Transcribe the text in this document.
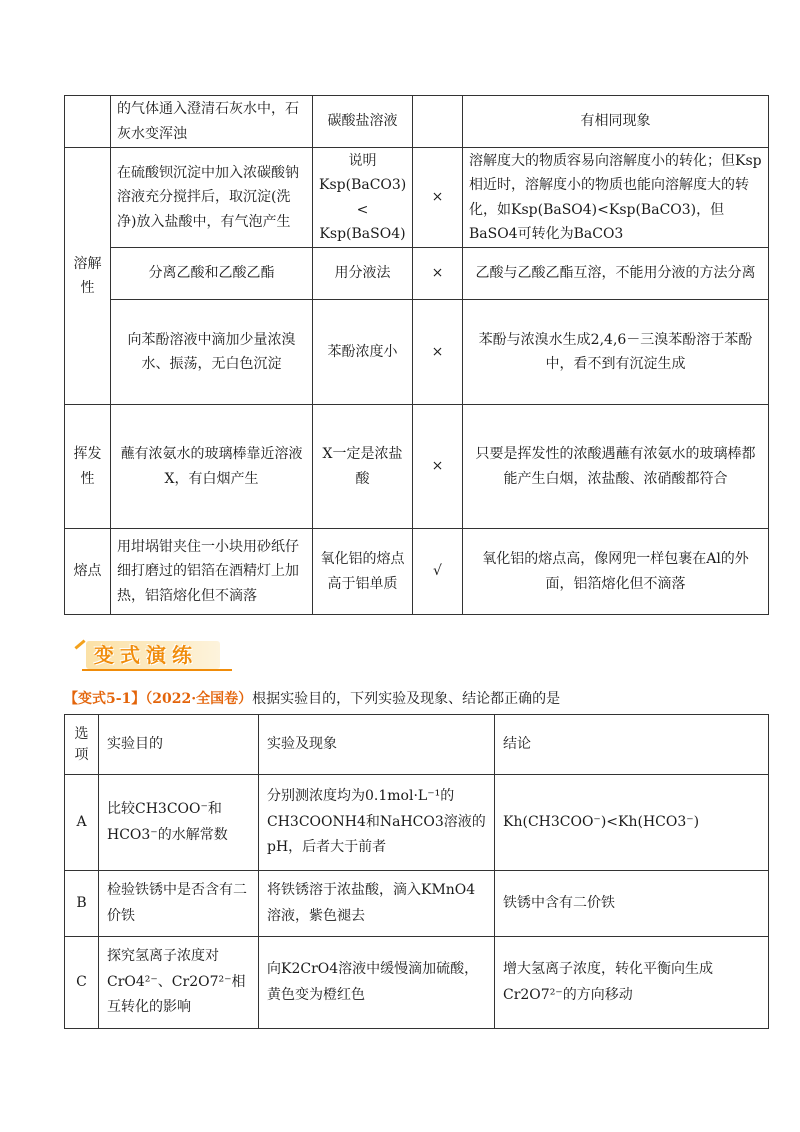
	的气体通入澄清石灰水中，石灰水变浑浊	碳酸盐溶液		有相同现象
溶解性	在硫酸钡沉淀中加入浓碳酸钠溶液充分搅拌后，取沉淀(洗净)放入盐酸中，有气泡产生	说明 Ksp(BaCO3) < Ksp(BaSO4)	×	溶解度大的物质容易向溶解度小的转化；但Ksp相近时，溶解度小的物质也能向溶解度大的转化，如Ksp(BaSO4)<Ksp(BaCO3)，但BaSO4可转化为BaCO3
	分离乙酸和乙酸乙酯	用分液法	×	乙酸与乙酸乙酯互溶，不能用分液的方法分离
	向苯酚溶液中滴加少量浓溴水、振荡，无白色沉淀	苯酚浓度小	×	苯酚与浓溴水生成2,4,6－三溴苯酚溶于苯酚中，看不到有沉淀生成
挥发性	蘸有浓氨水的玻璃棒靠近溶液X，有白烟产生	X一定是浓盐酸	×	只要是挥发性的浓酸遇蘸有浓氨水的玻璃棒都能产生白烟，浓盐酸、浓硝酸都符合
熔点	用坩埚钳夹住一小块用砂纸仔细打磨过的铝箔在酒精灯上加热，铝箔熔化但不滴落	氧化铝的熔点高于铝单质	√	氧化铝的熔点高，像网兜一样包裹在Al的外面，铝箔熔化但不滴落
变式演练
【变式5-1】（2022·全国卷）根据实验目的，下列实验及现象、结论都正确的是
选项	实验目的	实验及现象	结论
A	比较CH3COO⁻和HCO3⁻的水解常数	分别测浓度均为0.1mol·L⁻¹的CH3COONH4和NaHCO3溶液的pH，后者大于前者	Kh(CH3COO⁻)<Kh(HCO3⁻)
B	检验铁锈中是否含有二价铁	将铁锈溶于浓盐酸，滴入KMnO4溶液，紫色褪去	铁锈中含有二价铁
C	探究氢离子浓度对CrO4²⁻、Cr2O7²⁻相互转化的影响	向K2CrO4溶液中缓慢滴加硫酸，黄色变为橙红色	增大氢离子浓度，转化平衡向生成Cr2O7²⁻的方向移动
